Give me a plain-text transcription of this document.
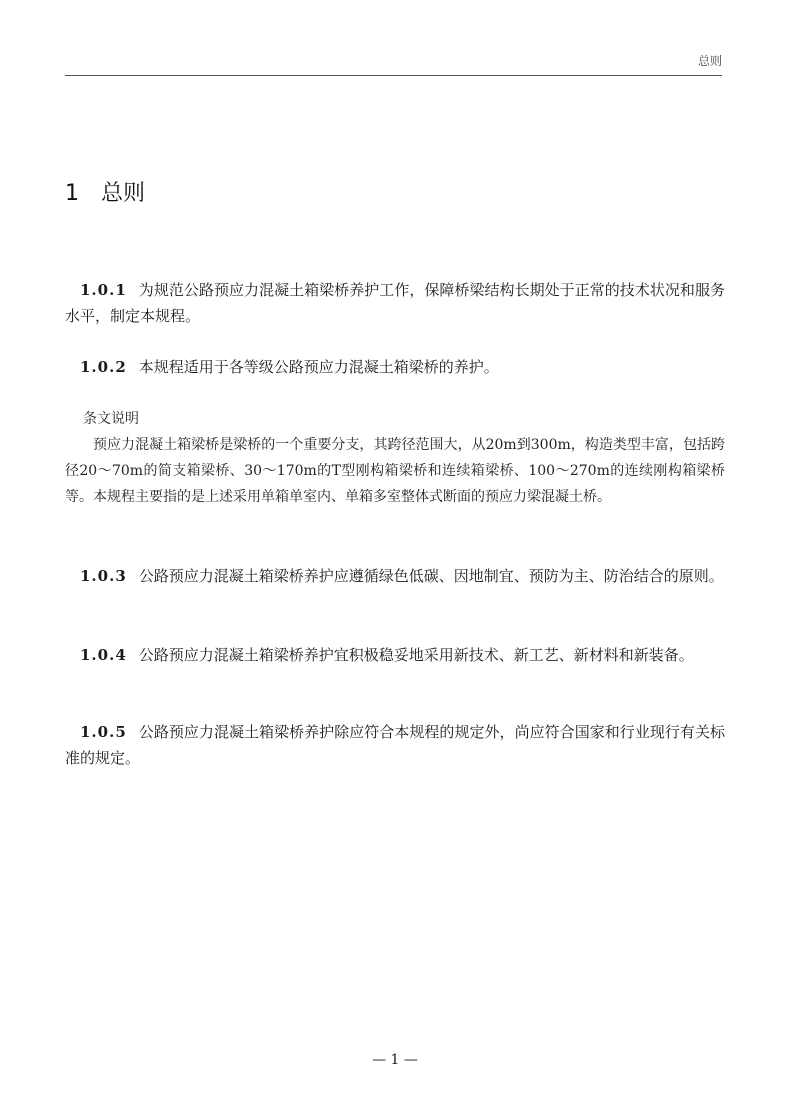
总则
1 总则
1.0.1 为规范公路预应力混凝土箱梁桥养护工作，保障桥梁结构长期处于正常的技术状况和服务水平，制定本规程。
1.0.2 本规程适用于各等级公路预应力混凝土箱梁桥的养护。
条文说明
预应力混凝土箱梁桥是梁桥的一个重要分支，其跨径范围大，从20m到300m，构造类型丰富，包括跨径20～70m的简支箱梁桥、30～170m的T型刚构箱梁桥和连续箱梁桥、100～270m的连续刚构箱梁桥等。本规程主要指的是上述采用单箱单室内、单箱多室整体式断面的预应力梁混凝土桥。
1.0.3 公路预应力混凝土箱梁桥养护应遵循绿色低碳、因地制宜、预防为主、防治结合的原则。
1.0.4 公路预应力混凝土箱梁桥养护宜积极稳妥地采用新技术、新工艺、新材料和新装备。
1.0.5 公路预应力混凝土箱梁桥养护除应符合本规程的规定外，尚应符合国家和行业现行有关标准的规定。
— 1 —
